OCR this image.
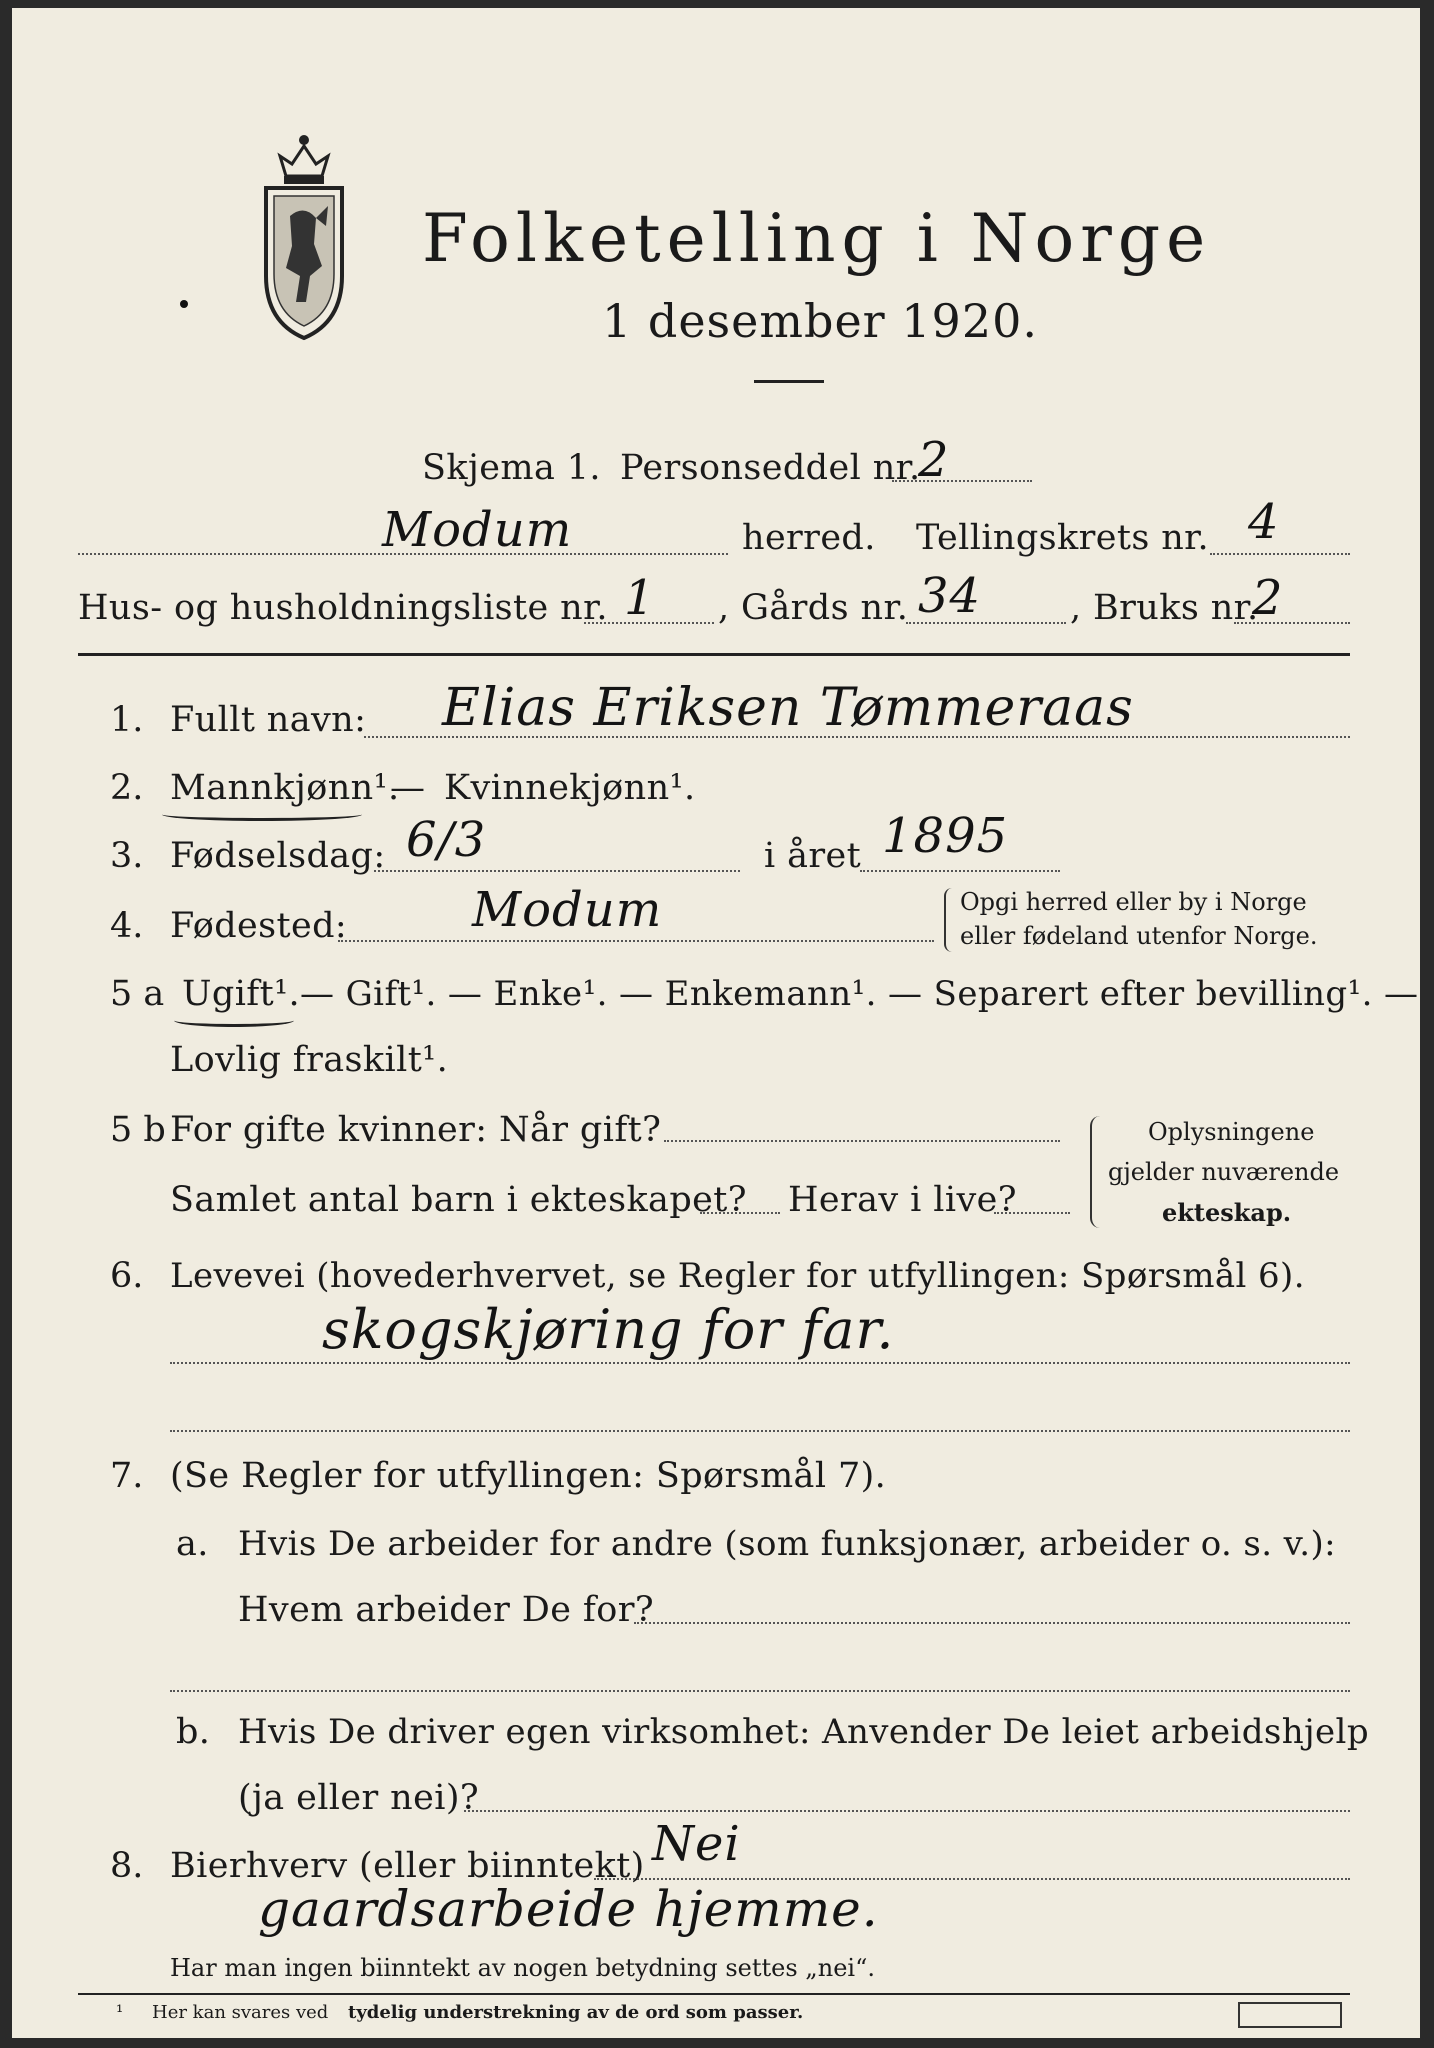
Folketelling i Norge
1 desember 1920.
Skjema 1. Personseddel nr.
2
Modum	herred. Tellingskrets nr. 4
Hus- og husholdningsliste nr. 1 , Gårds nr. 34	, Bruks nr.
2
1. Fullt navn: Elias Eriksen Tømmeraas
2. Mannkjønn¹.
— Kvinnekjønn¹.
3. Fødselsdag: 6/3	i året 1895
4. Fødested:	Modum	Opgi herred eller by i Norge
eller fødeland utenfor Norge.
5 a Ugift¹. — Gift¹. — Enke¹. — Enkemann¹. — Separert efter bevilling¹. —
Lovlig fraskilt¹.
5 b For gifte kvinner: Når gift?
Samlet antal barn i ekteskapet? Herav i live?
Oplysningene
gjelder nuværende
ekteskap.
6. Levevei (hovederhvervet, se Regler for utfyllingen: Spørsmål 6).
skogskjøring for far.
7. (Se Regler for utfyllingen: Spørsmål 7).
a. Hvis De arbeider for andre (som funksjonær, arbeider o. s. v.):
Hvem arbeider De for?
b. Hvis De driver egen virksomhet: Anvender De leiet arbeidshjelp
(ja eller nei)?
8. Bierhverv (eller biinntekt) Nei
gaardsarbeide hjemme.
Har man ingen biinntekt av nogen betydning settes „nei“.
¹ Her kan svares ved tydelig understrekning av de ord som passer.
